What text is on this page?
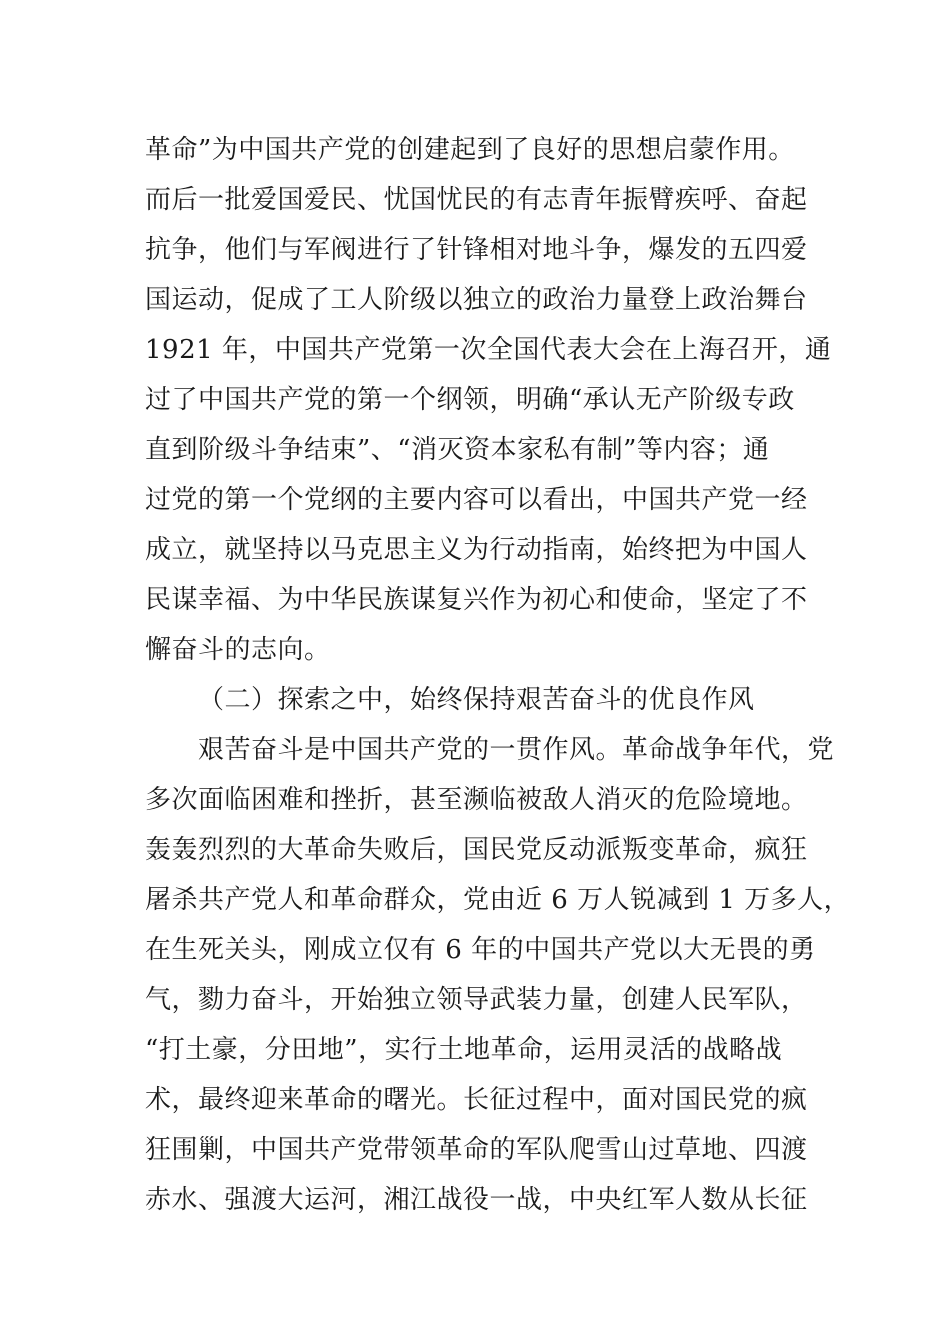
革命”为中国共产党的创建起到了良好的思想启蒙作用。
而后一批爱国爱民、忧国忧民的有志青年振臂疾呼、奋起
抗争，他们与军阀进行了针锋相对地斗争，爆发的五四爱
国运动，促成了工人阶级以独立的政治力量登上政治舞台
1921 年，中国共产党第一次全国代表大会在上海召开，通
过了中国共产党的第一个纲领，明确“承认无产阶级专政
直到阶级斗争结束”、“消灭资本家私有制”等内容；通
过党的第一个党纲的主要内容可以看出，中国共产党一经
成立，就坚持以马克思主义为行动指南，始终把为中国人
民谋幸福、为中华民族谋复兴作为初心和使命，坚定了不
懈奋斗的志向。
（二）探索之中，始终保持艰苦奋斗的优良作风
艰苦奋斗是中国共产党的一贯作风。革命战争年代，党
多次面临困难和挫折，甚至濒临被敌人消灭的危险境地。
轰轰烈烈的大革命失败后，国民党反动派叛变革命，疯狂
屠杀共产党人和革命群众，党由近 6 万人锐减到 1 万多人，
在生死关头，刚成立仅有 6 年的中国共产党以大无畏的勇
气，勠力奋斗，开始独立领导武装力量，创建人民军队，
“打土豪，分田地”，实行土地革命，运用灵活的战略战
术，最终迎来革命的曙光。长征过程中，面对国民党的疯
狂围剿，中国共产党带领革命的军队爬雪山过草地、四渡
赤水、强渡大运河，湘江战役一战，中央红军人数从长征
